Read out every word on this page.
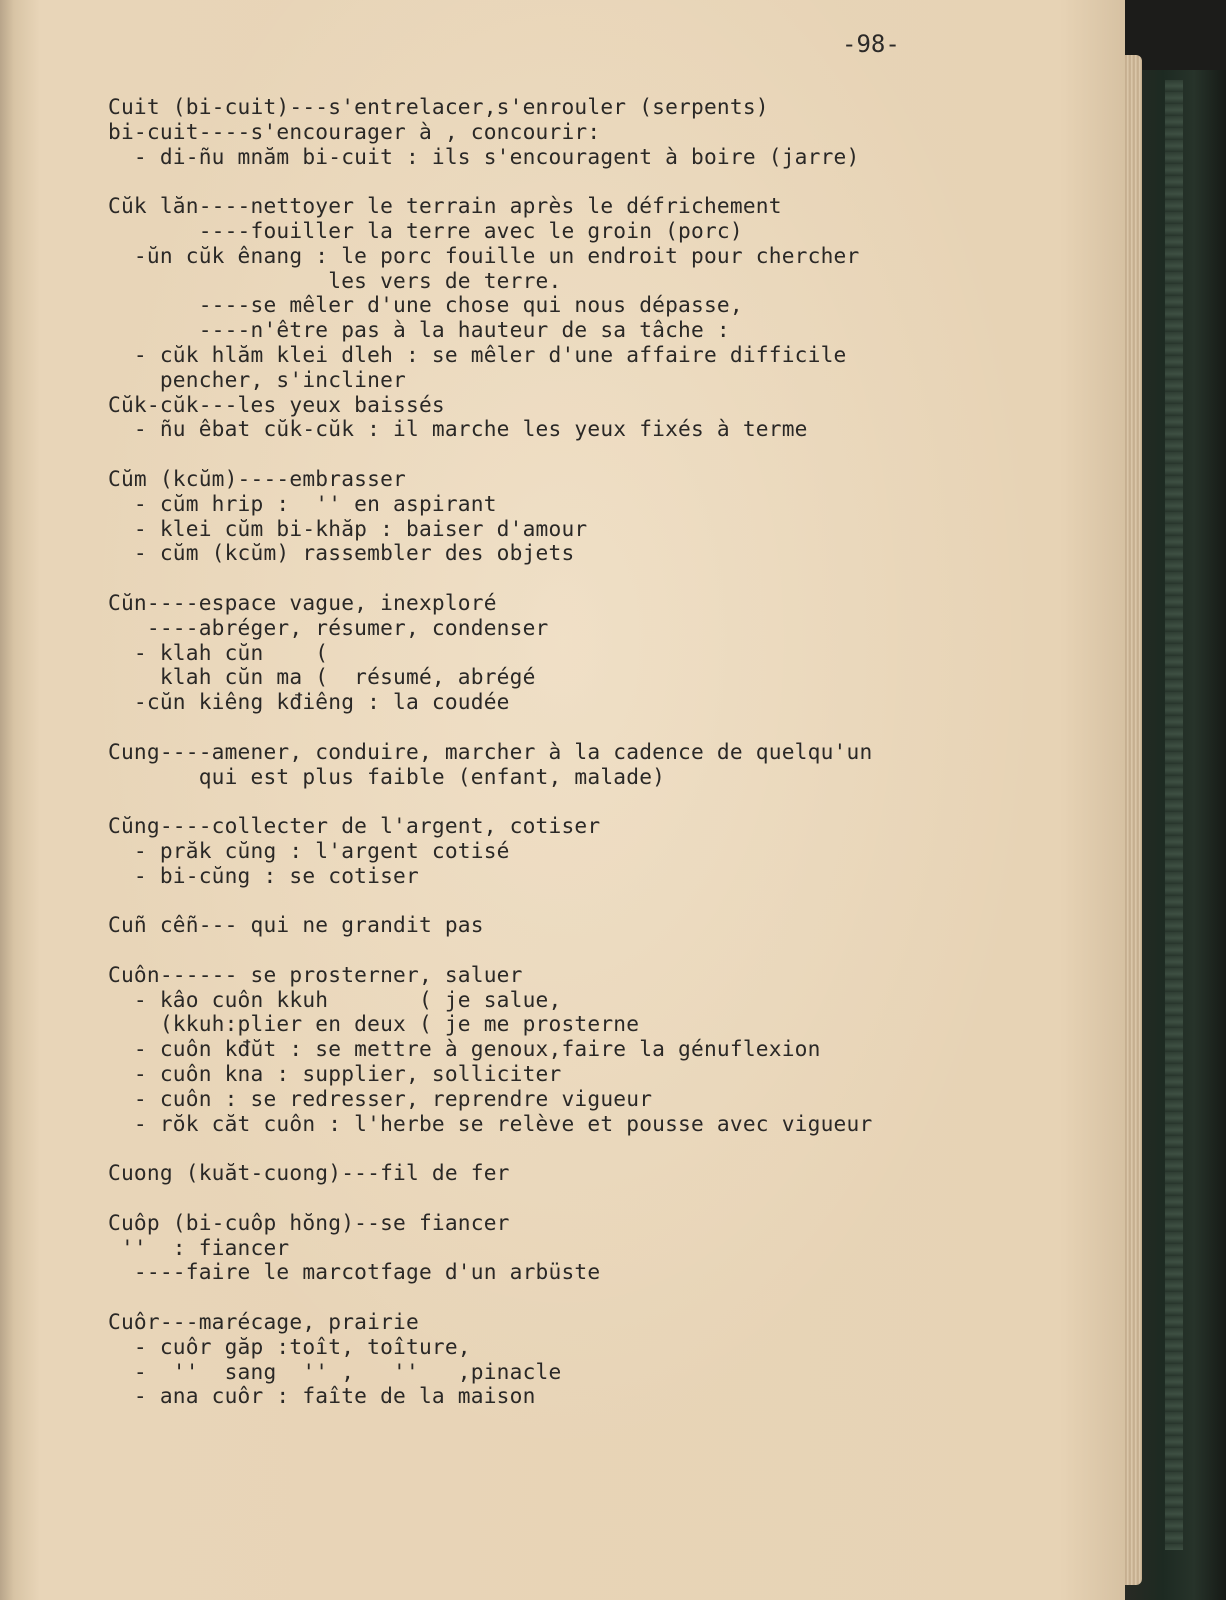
-98-

Cuit (bi-cuit)---s'entrelacer,s'enrouler (serpents)
bi-cuit----s'encourager à , concourir:
- di-ñu mnăm bi-cuit : ils s'encouragent à boire (jarre)
Cŭk lăn----nettoyer le terrain après le défrichement
----fouiller la terre avec le groin (porc)
-ŭn cŭk ênang : le porc fouille un endroit pour chercher
les vers de terre.
----se mêler d'une chose qui nous dépasse,
----n'être pas à la hauteur de sa tâche :
- cŭk hlăm klei dleh : se mêler d'une affaire difficile
pencher, s'incliner
Cŭk-cŭk---les yeux baissés
- ñu êbat cŭk-cŭk : il marche les yeux fixés à terme
Cŭm (kcŭm)----embrasser
- cŭm hrip :  '' en aspirant
- klei cŭm bi-khăp : baiser d'amour
- cŭm (kcŭm) rassembler des objets
Cŭn----espace vague, inexploré
----abréger, résumer, condenser
- klah cŭn    (
klah cŭn ma (  résumé, abrégé
-cŭn kiêng kđiêng : la coudée
Cung----amener, conduire, marcher à la cadence de quelqu'un
qui est plus faible (enfant, malade)
Cŭng----collecter de l'argent, cotiser
- prăk cŭng : l'argent cotisé
- bi-cŭng : se cotiser
Cuñ cêñ--- qui ne grandit pas
Cuôn------ se prosterner, saluer
- kâo cuôn kkuh       ( je salue,
(kkuh:plier en deux ( je me prosterne
- cuôn kđŭt : se mettre à genoux,faire la génuflexion
- cuôn kna : supplier, solliciter
- cuôn : se redresser, reprendre vigueur
- rŏk căt cuôn : l'herbe se relève et pousse avec vigueur
Cuong (kuăt-cuong)---fil de fer
Cuôp (bi-cuôp hŏng)--se fiancer
''  : fiancer
----faire le marcotfage d'un arbüste
Cuôr---marécage, prairie
- cuôr găp :toît, toîture,
-  ''  sang  '' ,   ''   ,pinacle
- ana cuôr : faîte de la maison
